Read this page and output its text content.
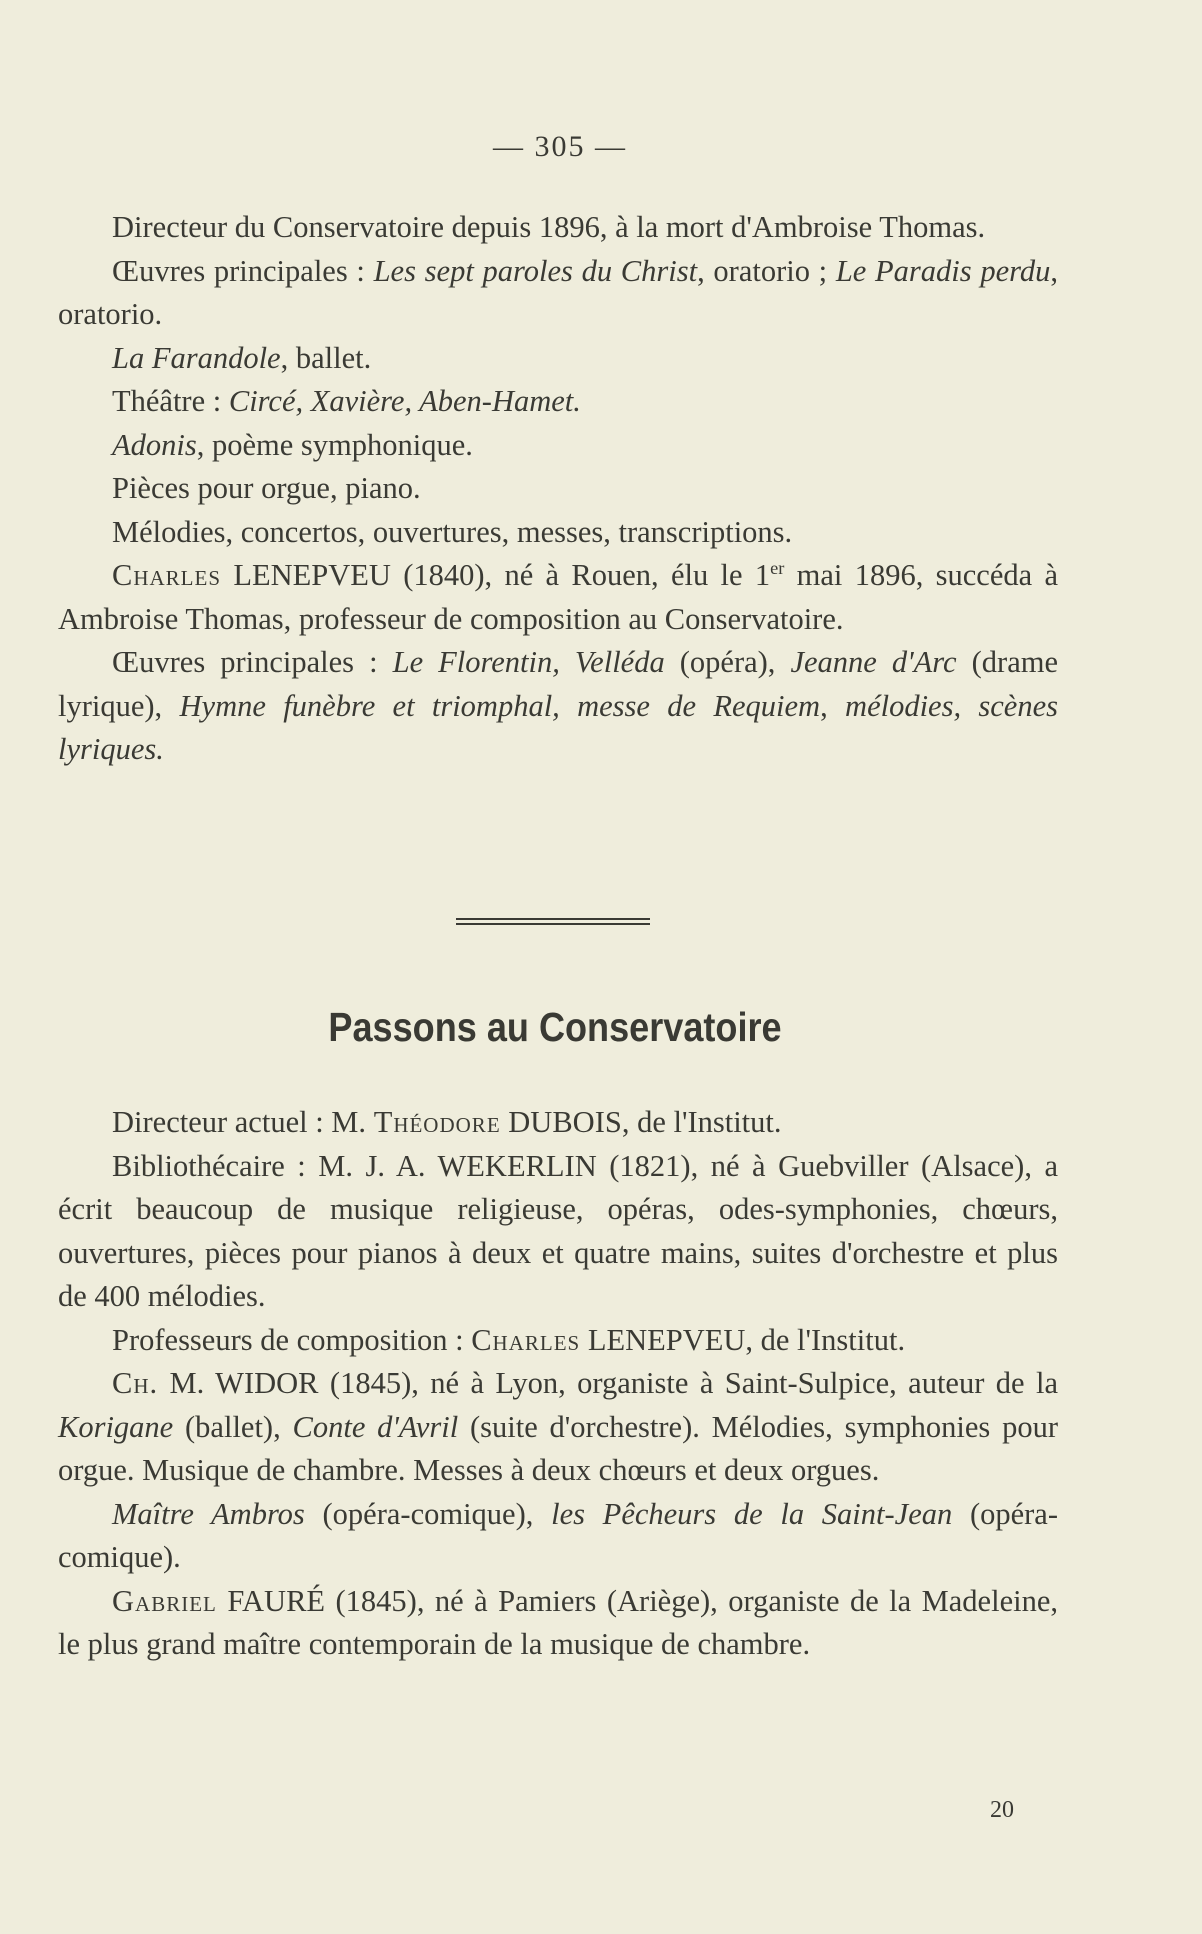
— 305 —

Directeur du Conservatoire depuis 1896, à la mort d'Ambroise Thomas.

Œuvres principales : Les sept paroles du Christ, oratorio ; Le Paradis perdu, oratorio.

La Farandole, ballet.

Théâtre : Circé, Xavière, Aben-Hamet.

Adonis, poème symphonique.

Pièces pour orgue, piano.

Mélodies, concertos, ouvertures, messes, transcriptions.

Charles LENEPVEU (1840), né à Rouen, élu le 1er mai 1896, succéda à Ambroise Thomas, professeur de composition au Conservatoire.

Œuvres principales : Le Florentin, Velléda (opéra), Jeanne d'Arc (drame lyrique), Hymne funèbre et triomphal, messe de Requiem, mélodies, scènes lyriques.

Passons au Conservatoire

Directeur actuel : M. Théodore DUBOIS, de l'Institut.

Bibliothécaire : M. J. A. WEKERLIN (1821), né à Guebviller (Alsace), a écrit beaucoup de musique religieuse, opéras, odes-symphonies, chœurs, ouvertures, pièces pour pianos à deux et quatre mains, suites d'orchestre et plus de 400 mélodies.

Professeurs de composition : Charles LENEPVEU, de l'Institut.

Ch. M. WIDOR (1845), né à Lyon, organiste à Saint-Sulpice, auteur de la Korigane (ballet), Conte d'Avril (suite d'orchestre). Mélodies, symphonies pour orgue. Musique de chambre. Messes à deux chœurs et deux orgues.

Maître Ambros (opéra-comique), les Pêcheurs de la Saint-Jean (opéra-comique).

Gabriel FAURÉ (1845), né à Pamiers (Ariège), organiste de la Madeleine, le plus grand maître contemporain de la musique de chambre.

20
